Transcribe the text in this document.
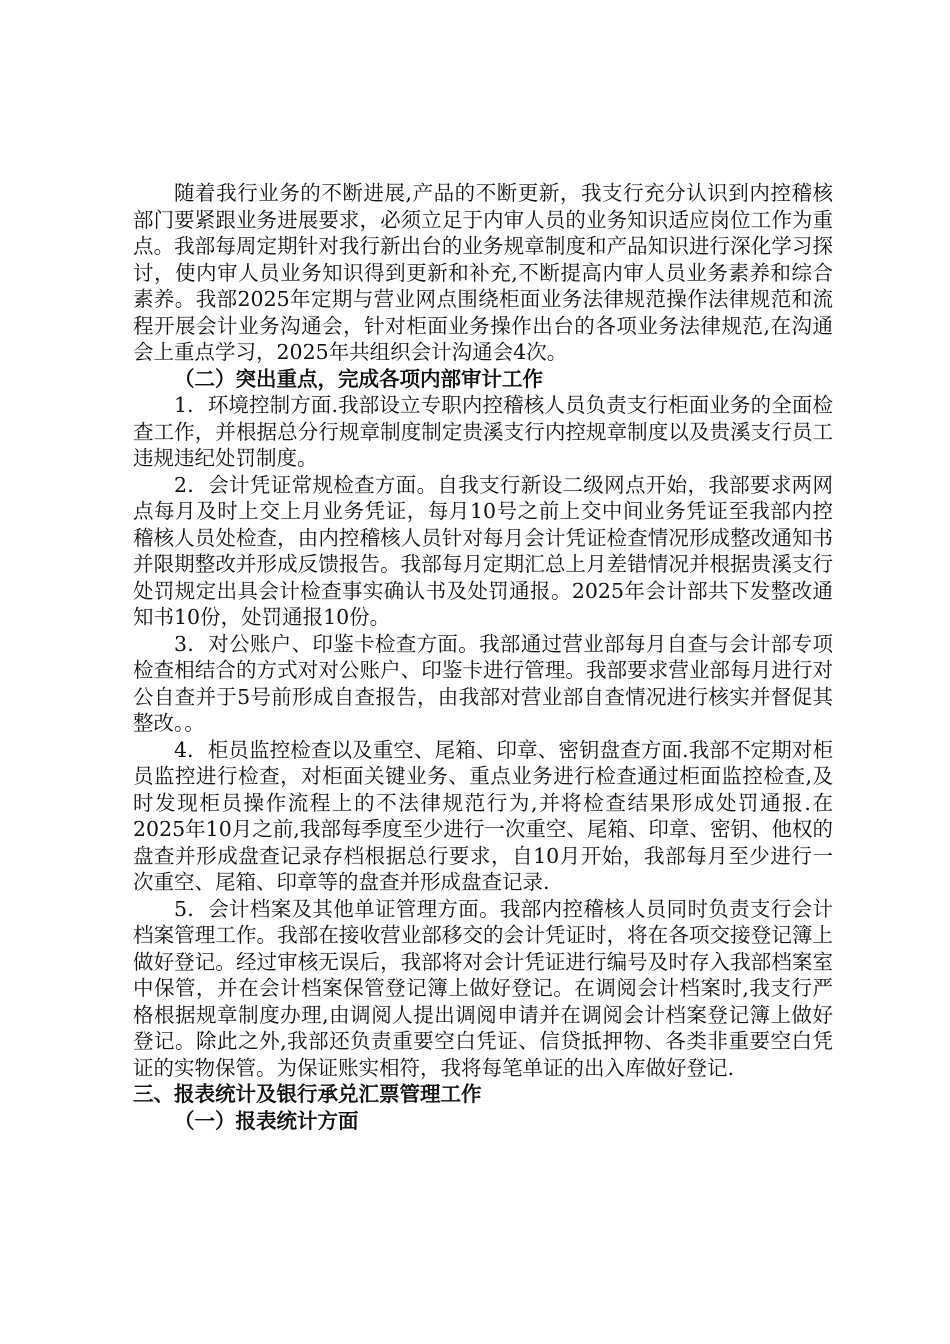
随着我行业务的不断进展,产品的不断更新，我支行充分认识到内控稽核部门要紧跟业务进展要求，必须立足于内审人员的业务知识适应岗位工作为重点。我部每周定期针对我行新出台的业务规章制度和产品知识进行深化学习探讨，使内审人员业务知识得到更新和补充,不断提高内审人员业务素养和综合素养。我部2025年定期与营业网点围绕柜面业务法律规范操作法律规范和流程开展会计业务沟通会，针对柜面业务操作出台的各项业务法律规范,在沟通会上重点学习，2025年共组织会计沟通会4次。

（二）突出重点，完成各项内部审计工作

1．环境控制方面.我部设立专职内控稽核人员负责支行柜面业务的全面检查工作，并根据总分行规章制度制定贵溪支行内控规章制度以及贵溪支行员工违规违纪处罚制度。

2．会计凭证常规检查方面。自我支行新设二级网点开始，我部要求两网点每月及时上交上月业务凭证，每月10号之前上交中间业务凭证至我部内控稽核人员处检查，由内控稽核人员针对每月会计凭证检查情况形成整改通知书并限期整改并形成反馈报告。我部每月定期汇总上月差错情况并根据贵溪支行处罚规定出具会计检查事实确认书及处罚通报。2025年会计部共下发整改通知书10份，处罚通报10份。

3．对公账户、印鉴卡检查方面。我部通过营业部每月自查与会计部专项检查相结合的方式对对公账户、印鉴卡进行管理。我部要求营业部每月进行对公自查并于5号前形成自查报告，由我部对营业部自查情况进行核实并督促其整改。。

4．柜员监控检查以及重空、尾箱、印章、密钥盘查方面.我部不定期对柜员监控进行检查，对柜面关键业务、重点业务进行检查通过柜面监控检查,及时发现柜员操作流程上的不法律规范行为,并将检查结果形成处罚通报.在2025年10月之前,我部每季度至少进行一次重空、尾箱、印章、密钥、他权的盘查并形成盘查记录存档根据总行要求，自10月开始，我部每月至少进行一次重空、尾箱、印章等的盘查并形成盘查记录.

5．会计档案及其他单证管理方面。我部内控稽核人员同时负责支行会计档案管理工作。我部在接收营业部移交的会计凭证时，将在各项交接登记簿上做好登记。经过审核无误后，我部将对会计凭证进行编号及时存入我部档案室中保管，并在会计档案保管登记簿上做好登记。在调阅会计档案时,我支行严格根据规章制度办理,由调阅人提出调阅申请并在调阅会计档案登记簿上做好登记。除此之外,我部还负责重要空白凭证、信贷抵押物、各类非重要空白凭证的实物保管。为保证账实相符，我将每笔单证的出入库做好登记.

三、报表统计及银行承兑汇票管理工作

（一）报表统计方面
